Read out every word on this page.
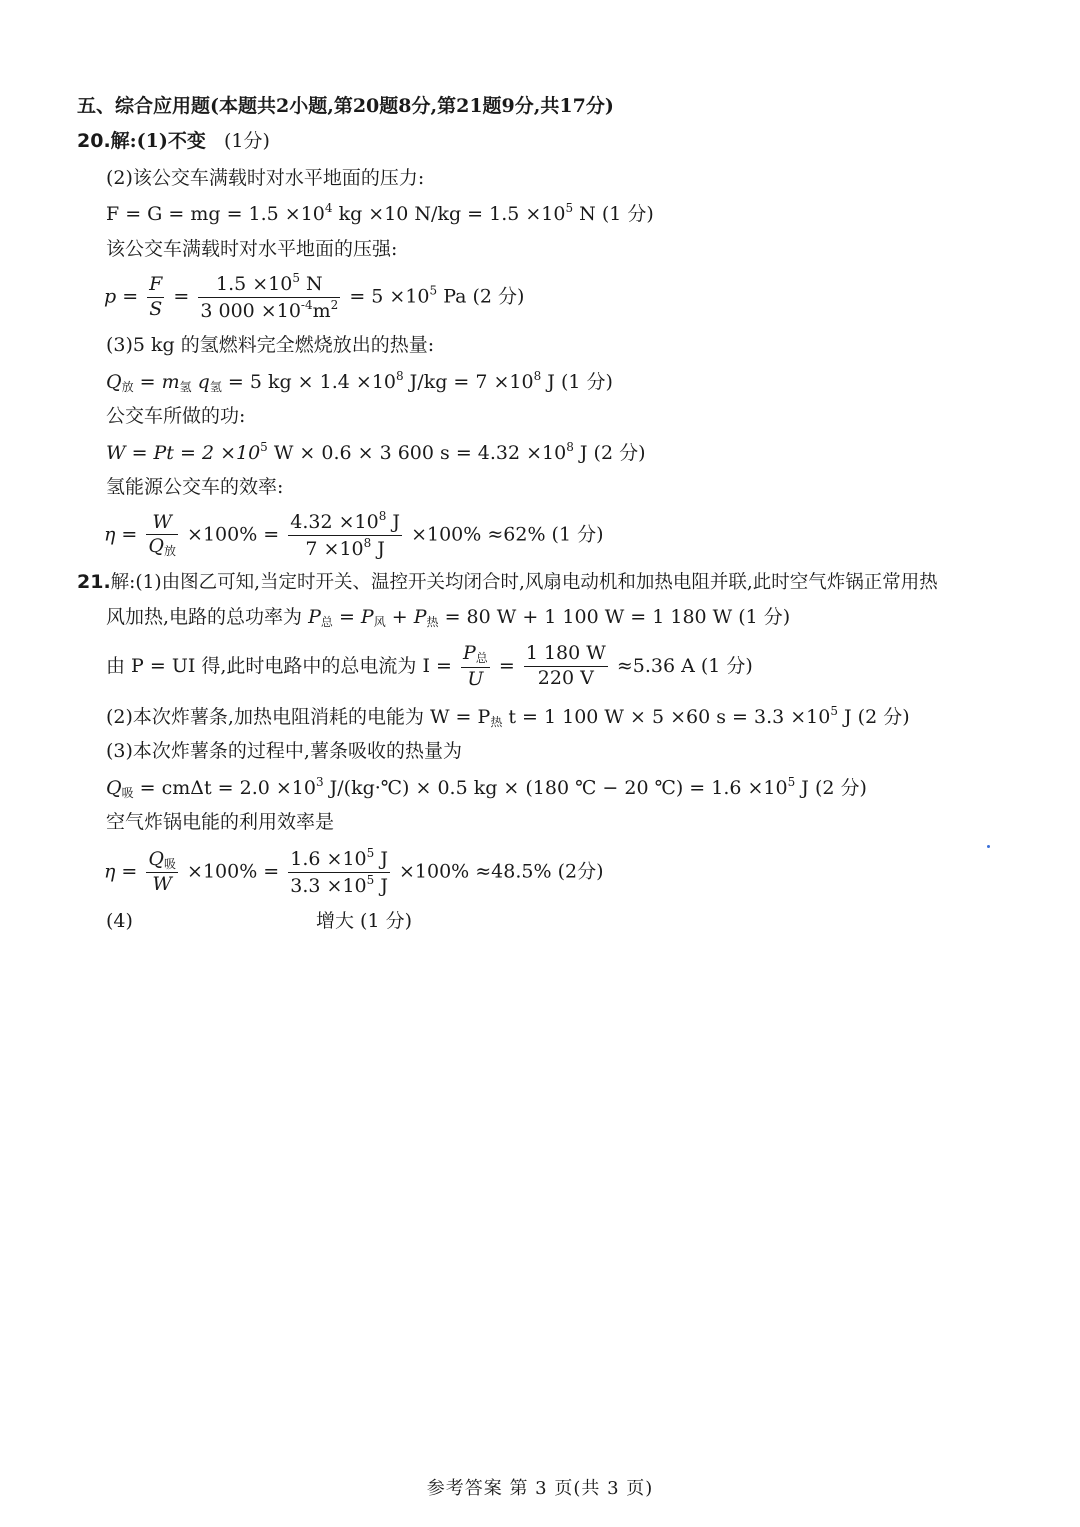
五、综合应用题(本题共2小题,第20题8分,第21题9分,共17分)
20.解:(1)不变 (1分)
(2)该公交车满载时对水平地面的压力:
F = G = mg = $1.5 \times 10^4$ kg ×10 $N/kg = 1.5 \times 10^5$ N (1 分)
该公交车满载时对水平地面的压强:
$p = \frac{F}{S} = \frac{1.5 \times 10^5 N}{3 000 \times 10^{-4}m^2} = 5 \times 10^5$ Pa (2 分)
(3)5 kg 的氢燃料完全燃烧放出的热量:
$Q_放 = m_氢$ $q_氢 = 5$ kg × $1.4 \times 10^8$ $J/kg = 7 \times 10^8$ J (1 分)
公交车所做的功:
$W = Pt = 2 \times 10^5$ W × 0.6 × 3 600 $s = 4.32 \times 10^8$ J (2 分)
氢能源公交车的效率:
$\eta = \frac{W}{Q_放} \times 100\% = \frac{4.32 \times 10^8 J}{7 \times 10^8 J} \times 100\% \approx 62\%$ (1 分)
21.解:(1)由图乙可知,当定时开关、温控开关均闭合时,风扇电动机和加热电阻并联,此时空气炸锅正常用热
风加热,电路的总功率为 $P_总 = P_风 + P_热 = 80$ W + 1 100 W = 1 180 W (1 分)
由 P = UI 得,此时电路中的总电流为 $I = \frac{P_总}{U} = \frac{1 180 W}{220 V} \approx 5.36$ A (1 分)
(2)本次炸薯条,加热电阻消耗的电能为 $W = P_热$ t = 1 100 W × 5 ×60 $s = 3.3 \times 10^5$ J (2 分)
(3)本次炸薯条的过程中,薯条吸收的热量为
$Q_吸 = cm\Delta t = 2.0 \times 10^3$ J/(kg·℃) × 0.5 kg × (180 ℃ − 20 ℃) = $1.6 \times 10^5$ J (2 分)
空气炸锅电能的利用效率是
$\eta = \frac{Q_吸}{W} \times 100\% = \frac{1.6 \times 10^5 J}{3.3 \times 10^5 J} \times 100\% \approx 48.5\%$ (2分)
(4)	增大 (1 分)
参考答案 第 3 页(共 3 页)
